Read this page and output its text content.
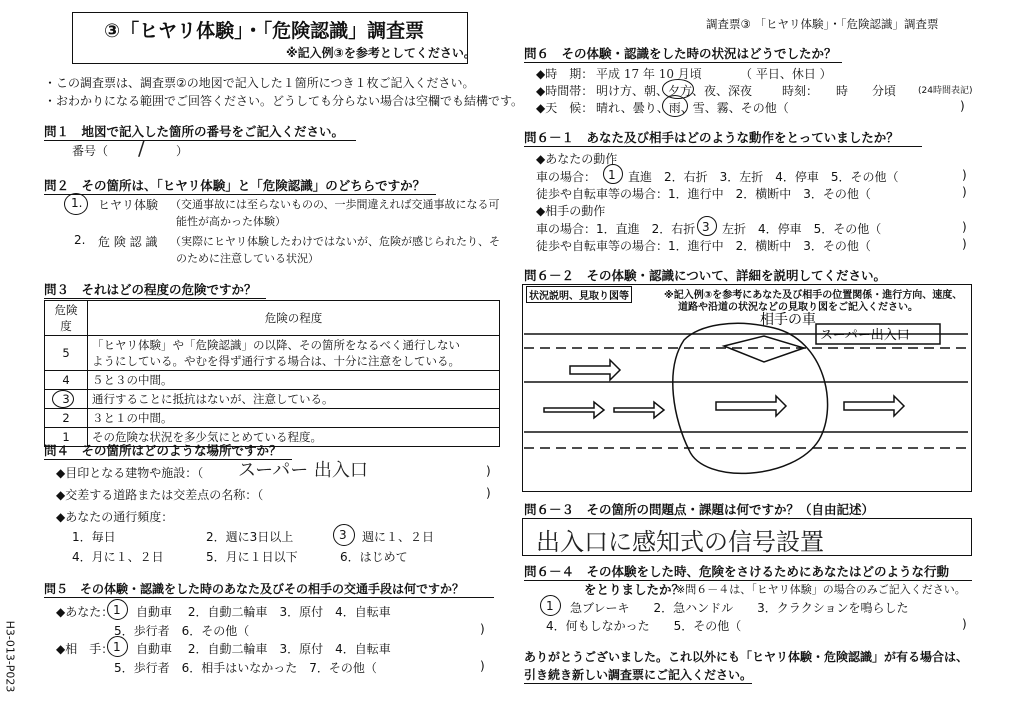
③「ヒヤリ体験」・「危険認識」調査票
※記入例③を参考としてください。
・この調査票は、調査票②の地図で記入した１箇所につき１枚ご記入ください。
・おわかりになる範囲でご回答ください。どうしても分らない場合は空欄でも結構です。
問１　地図で記入した箇所の番号をご記入ください。
番号（ /	）
問２　その箇所は、「ヒヤリ体験」と「危険認識」のどちらですか？
1. ヒヤリ体験 （交通事故には至らないものの、一歩間違えれば交通事故になる可
能性が高かった体験）
2. 危 険 認 識 （実際にヒヤリ体験したわけではないが、危険が感じられたり、そ
のために注意している状況）
問３　それはどの程度の危険ですか？
危険度	危険の程度
5	「ヒヤリ体験」や「危険認識」の以降、その箇所をなるべく通行しない
ようにしている。やむを得ず通行する場合は、十分に注意をしている。

4	５と３の中間。
3	通行することに抵抗はないが、注意している。
2	３と１の中間。
1	その危険な状況を多少気にとめている程度。
問４　その箇所はどのような場所ですか？
◆目印となる建物や施設：（ スーパー 出入口	)
◆交差する道路または交差点の名称：（	)
◆あなたの通行頻度：
1．毎日	2．週に3日以上	3 週に１、２日
4．月に１、２日	5．月に１日以下	6．はじめて
問５　その体験・認識をした時のあなた及びその相手の交通手段は何ですか？
◆あなた： 1 自動車　 2．自動二輪車　3．原付　4．自転車
5．歩行者　6．その他（	)
◆相　手： 1 自動車　 2．自動二輪車　3．原付　4．自転車
5．歩行者　6．相手はいなかった　7．その他（	)
H3-013-P023
調査票③ 「ヒヤリ体験」・「危険認識」調査票
問６　その体験・認識をした時の状況はどうでしたか？
◆時　期： 平成 17 年 10 月頃	（ 平日、休日 ）
◆時間帯： 明け方、朝、夕方、夜、深夜 時刻：　　時　　分頃 (24時間表記)
◆天　候： 晴れ、曇り、雨、雪、霧、その他（	)
問６－１　あなた及び相手はどのような動作をとっていましたか？
◆あなたの動作
車の場合： 1 直進　2．右折　3．左折　4．停車　5．その他（	)
徒歩や自転車等の場合：1．進行中　2．横断中　3．その他（	)
◆相手の動作
車の場合：1．直進　2．右折 3 左折　4．停車　5．その他（	)
徒歩や自転車等の場合：1．進行中　2．横断中　3．その他（	)
問６－２　その体験・認識について、詳細を説明してください。
状況説明、見取り図等	※記入例③を参考にあなた及び相手の位置関係・進行方向、速度、
道路や沿道の状況などの見取り図をご記入ください。
相手の車
スーパー出入口
問６－３　その箇所の問題点・課題は何ですか？（自由記述）
出入口に感知式の信号設置
問６－４　その体験をした時、危険をさけるためにあなたはどのような行動
をとりましたか？
※問６－４は、「ヒヤリ体験」の場合のみご記入ください。
1 急ブレーキ　　2．急ハンドル　　3．クラクションを鳴らした
4．何もしなかった　　5．その他（	)
ありがとうございました。これ以外にも「ヒヤリ体験・危険認識」が有る場合は、
引き続き新しい調査票にご記入ください。
